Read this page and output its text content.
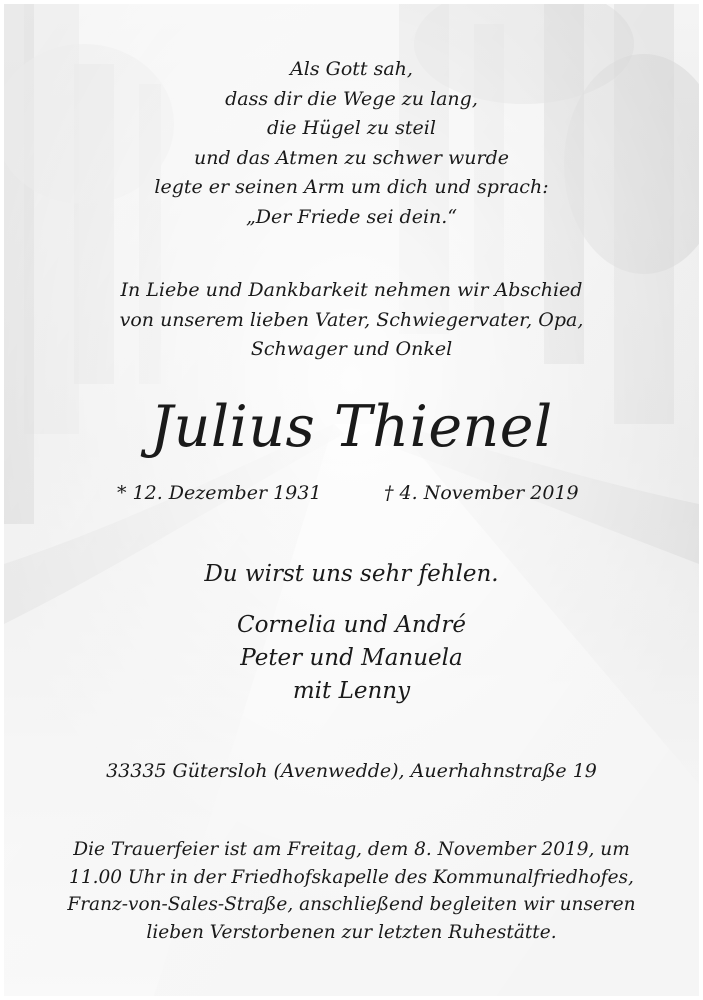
Als Gott sah,
dass dir die Wege zu lang,
die Hügel zu steil
und das Atmen zu schwer wurde
legte er seinen Arm um dich und sprach:
„Der Friede sei dein.“
In Liebe und Dankbarkeit nehmen wir Abschied
von unserem lieben Vater, Schwiegervater, Opa,
Schwager und Onkel
Julius Thienel
* 12. Dezember 1931	† 4. November 2019
Du wirst uns sehr fehlen.
Cornelia und André
Peter und Manuela
mit Lenny
33335 Gütersloh (Avenwedde), Auerhahnstraße 19
Die Trauerfeier ist am Freitag, dem 8. November 2019, um
11.00 Uhr in der Friedhofskapelle des Kommunalfriedhofes,
Franz-von-Sales-Straße, anschließend begleiten wir unseren
lieben Verstorbenen zur letzten Ruhestätte.
